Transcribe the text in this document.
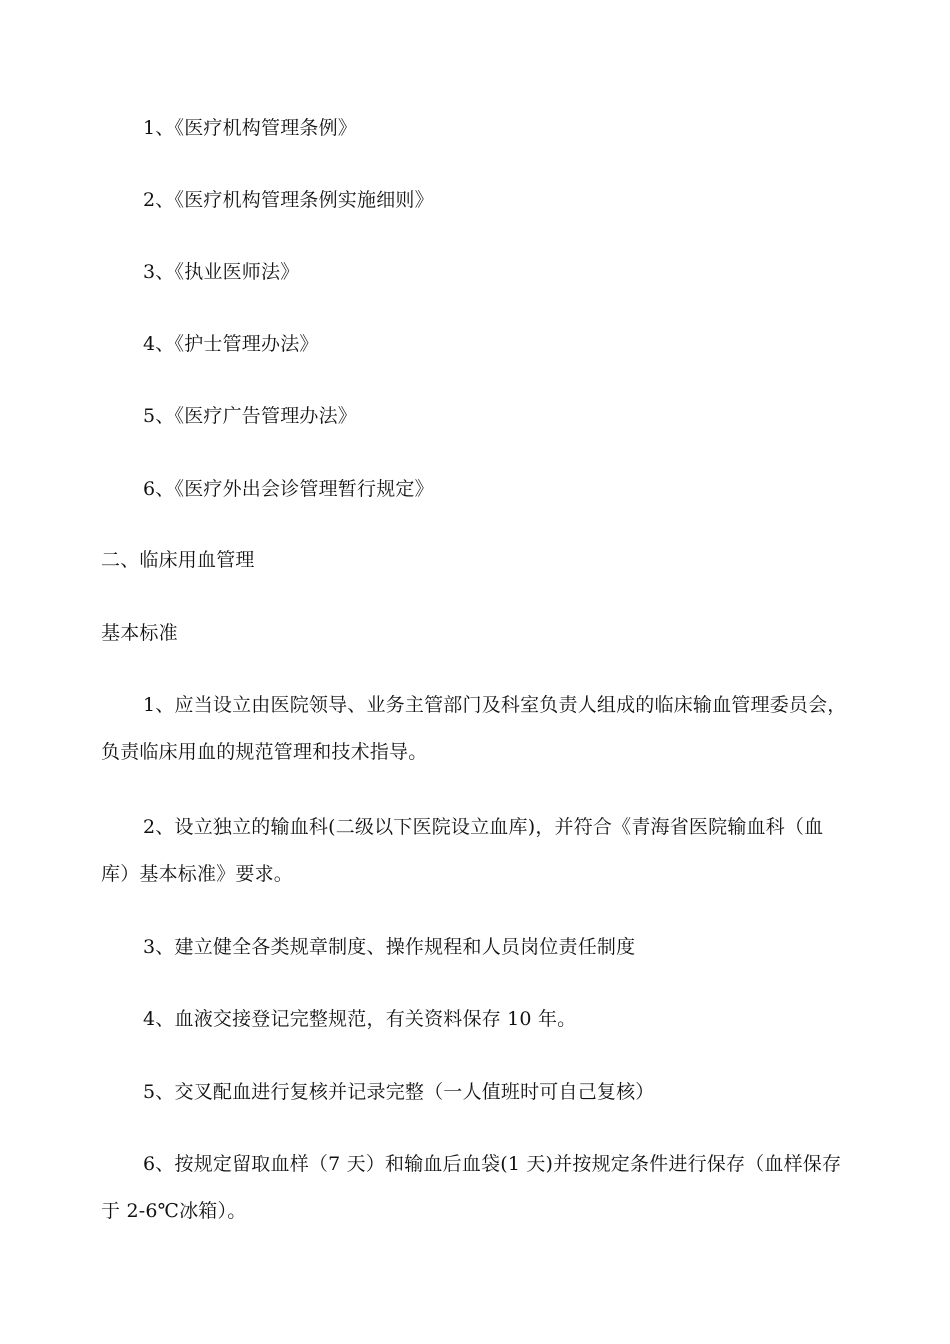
1、《医疗机构管理条例》
2、《医疗机构管理条例实施细则》
3、《执业医师法》
4、《护士管理办法》
5、《医疗广告管理办法》
6、《医疗外出会诊管理暂行规定》
二、临床用血管理
基本标准
1、应当设立由医院领导、业务主管部门及科室负责人组成的临床输血管理委员会，
负责临床用血的规范管理和技术指导。
2、设立独立的输血科(二级以下医院设立血库)，并符合《青海省医院输血科（血
库）基本标准》要求。
3、建立健全各类规章制度、操作规程和人员岗位责任制度
4、血液交接登记完整规范，有关资料保存 10 年。
5、交叉配血进行复核并记录完整（一人值班时可自己复核）
6、按规定留取血样（7 天）和输血后血袋(1 天)并按规定条件进行保存（血样保存
于 2-6℃冰箱）。
